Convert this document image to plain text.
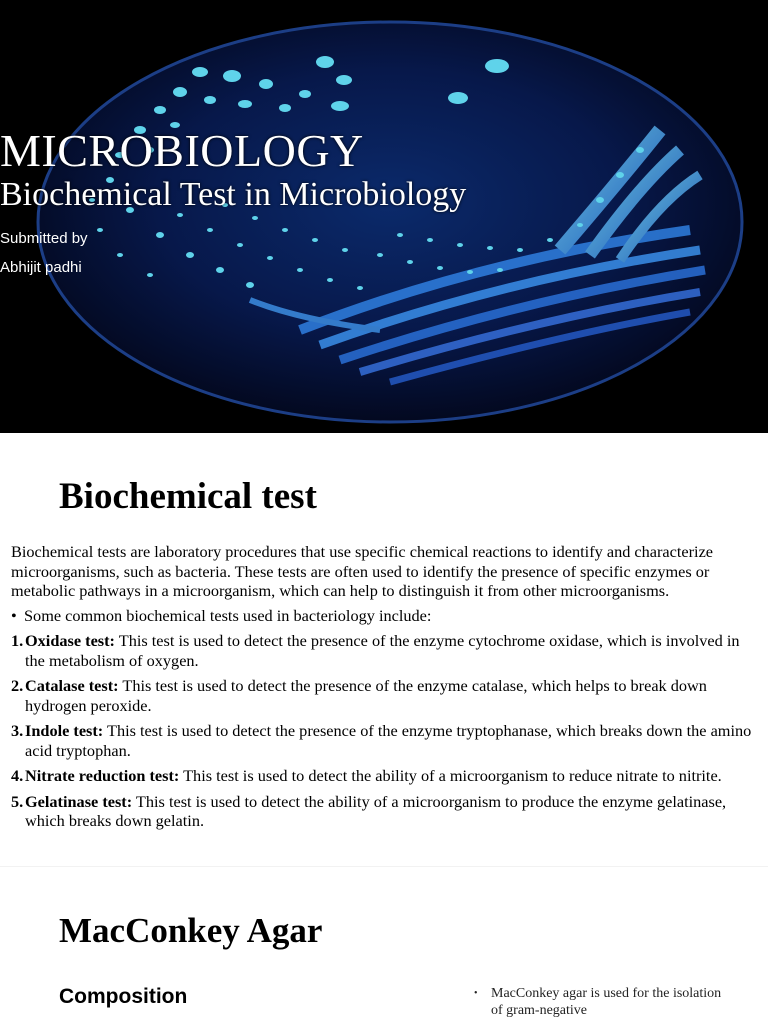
MICROBIOLOGY
Biochemical Test in Microbiology
Submitted by
Abhijit padhi
Biochemical test

Biochemical tests are laboratory procedures that use specific chemical reactions to identify and characterize microorganisms, such as bacteria. These tests are often used to identify the presence of specific enzymes or metabolic pathways in a microorganism, which can help to distinguish it from other microorganisms.

• Some common biochemical tests used in bacteriology include:

1. Oxidase test: This test is used to detect the presence of the enzyme cytochrome oxidase, which is involved in the metabolism of oxygen.
2. Catalase test: This test is used to detect the presence of the enzyme catalase, which helps to break down hydrogen peroxide.
3. Indole test: This test is used to detect the presence of the enzyme tryptophanase, which breaks down the amino acid tryptophan.
4. Nitrate reduction test: This test is used to detect the ability of a microorganism to reduce nitrate to nitrite.
5. Gelatinase test: This test is used to detect the ability of a microorganism to produce the enzyme gelatinase, which breaks down gelatin.
MacConkey Agar
Composition	• MacConkey agar is used for the isolation of gram-negative
